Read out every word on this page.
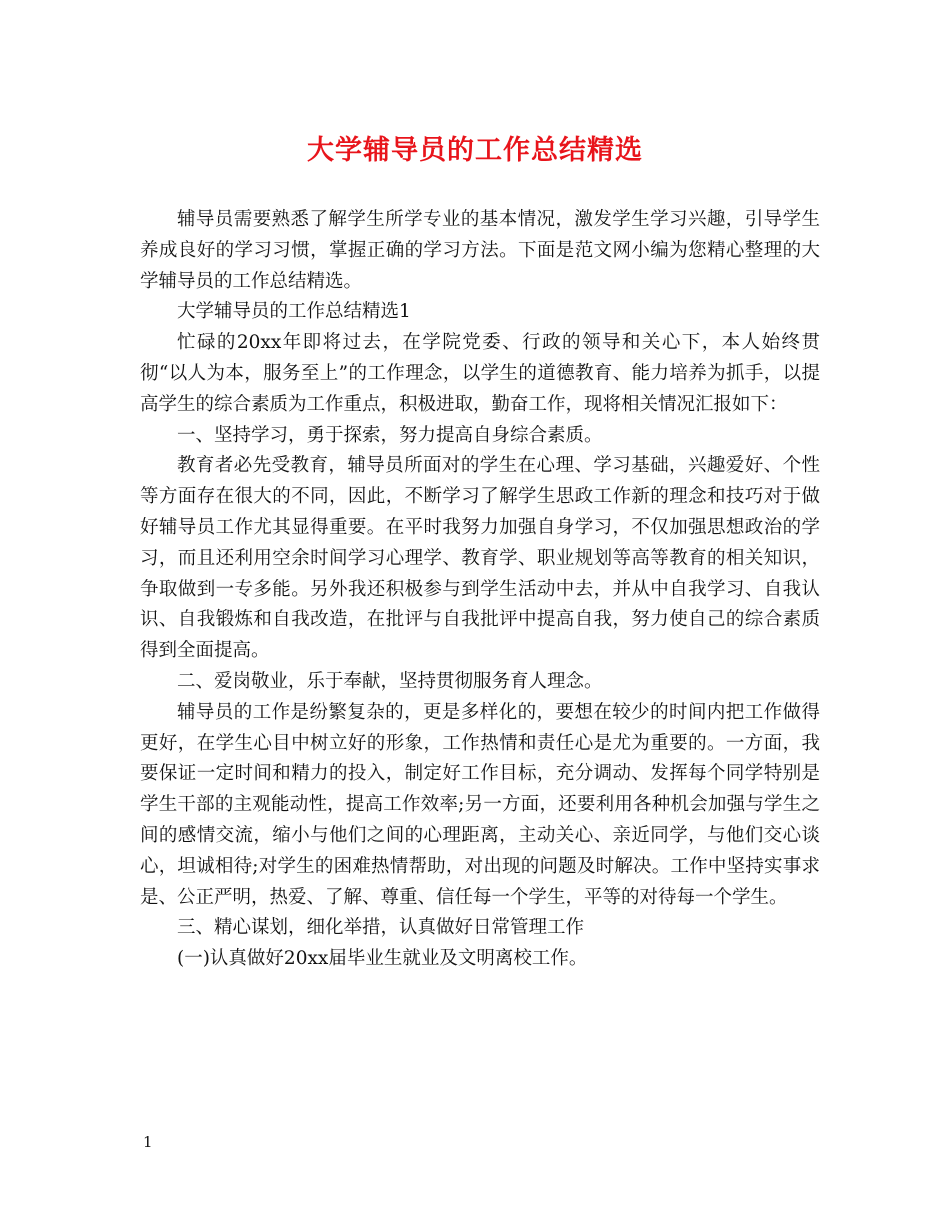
大学辅导员的工作总结精选

辅导员需要熟悉了解学生所学专业的基本情况，激发学生学习兴趣，引导学生养成良好的学习习惯，掌握正确的学习方法。下面是范文网小编为您精心整理的大学辅导员的工作总结精选。

大学辅导员的工作总结精选1

忙碌的20xx年即将过去，在学院党委、行政的领导和关心下，本人始终贯彻“以人为本，服务至上”的工作理念，以学生的道德教育、能力培养为抓手，以提高学生的综合素质为工作重点，积极进取，勤奋工作，现将相关情况汇报如下：

一、坚持学习，勇于探索，努力提高自身综合素质。

教育者必先受教育，辅导员所面对的学生在心理、学习基础，兴趣爱好、个性等方面存在很大的不同，因此，不断学习了解学生思政工作新的理念和技巧对于做好辅导员工作尤其显得重要。在平时我努力加强自身学习，不仅加强思想政治的学习，而且还利用空余时间学习心理学、教育学、职业规划等高等教育的相关知识，争取做到一专多能。另外我还积极参与到学生活动中去，并从中自我学习、自我认识、自我锻炼和自我改造，在批评与自我批评中提高自我，努力使自己的综合素质得到全面提高。

二、爱岗敬业，乐于奉献，坚持贯彻服务育人理念。

辅导员的工作是纷繁复杂的，更是多样化的，要想在较少的时间内把工作做得更好，在学生心目中树立好的形象，工作热情和责任心是尤为重要的。一方面，我要保证一定时间和精力的投入，制定好工作目标，充分调动、发挥每个同学特别是学生干部的主观能动性，提高工作效率;另一方面，还要利用各种机会加强与学生之间的感情交流，缩小与他们之间的心理距离，主动关心、亲近同学，与他们交心谈心，坦诚相待;对学生的困难热情帮助，对出现的问题及时解决。工作中坚持实事求是、公正严明，热爱、了解、尊重、信任每一个学生，平等的对待每一个学生。

三、精心谋划，细化举措，认真做好日常管理工作

(一)认真做好20xx届毕业生就业及文明离校工作。

1
